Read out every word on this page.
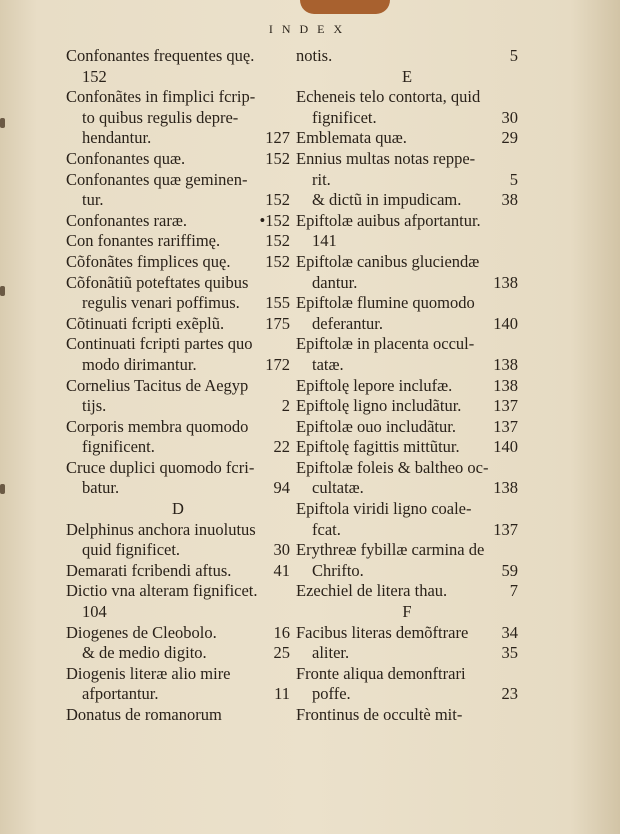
INDEX
Confonantes frequentes quę.
152
Confonãtes in fimplici fcrip-
to quibus regulis depre-
hendantur.	127
Confonantes quæ.	152
Confonantes quæ geminen-
tur.	152
Confonantes raræ.	•152
Con fonantes rariffimę.	152
Cõfonãtes fimplices quę. 152
Cõfonãtiũ poteftates quibus
regulis venari poffimus. 155
Cõtinuati fcripti exẽplũ. 175
Continuati fcripti partes quo
modo dirimantur.	172
Cornelius Tacitus de Aegyp
tijs.	2
Corporis membra quomodo
fignificent.	22
Cruce duplici quomodo fcri-
batur.	94
D
Delphinus anchora inuolutus
quid fignificet.	30
Demarati fcribendi aftus.	41
Dictio vna alteram fignificet.
104
Diogenes de Cleobolo.	16
& de medio digito.	25
Diogenis literæ alio mire
afportantur.	11
Donatus de romanorum
notis.	5
E
Echeneis telo contorta, quid
fignificet.	30
Emblemata quæ.	29
Ennius multas notas reppe-
rit.	5
& dictũ in impudicam. 38
Epiftolæ auibus afportantur.
141
Epiftolæ canibus gluciendæ
dantur.	138
Epiftolæ flumine quomodo
deferantur.	140
Epiftolæ in placenta occul-
tatæ.	138
Epiftolę lepore inclufæ. 138
Epiftolę ligno includãtur. 137
Epiftolæ ouo includãtur. 137
Epiftolę fagittis mittũtur. 140
Epiftolæ foleis & baltheo oc-
cultatæ.	138
Epiftola viridi ligno coale-
fcat.	137
Erythreæ fybillæ carmina de
Chrifto.	59
Ezechiel de litera thau.	7
F
Facibus literas demõftrare 34
aliter.	35
Fronte aliqua demonftrari
poffe.	23
Frontinus de occultè mit-
